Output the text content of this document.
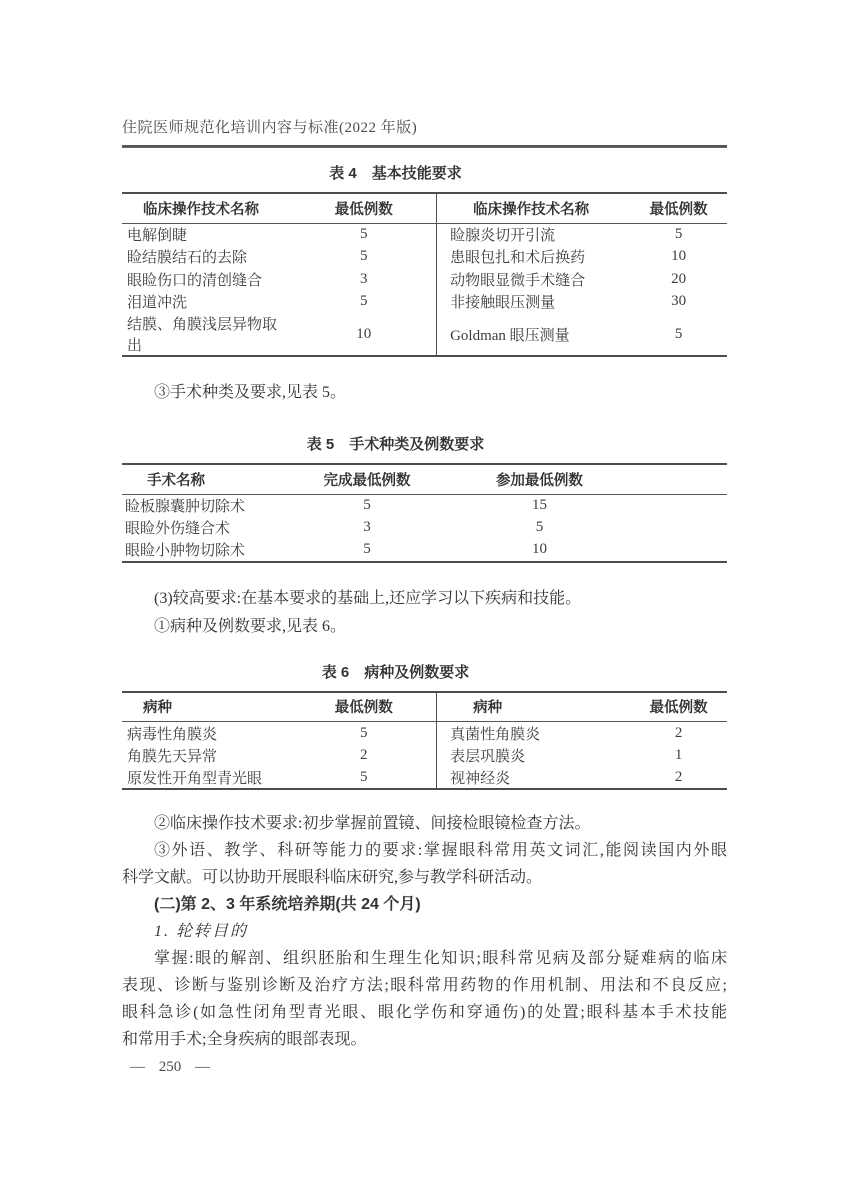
住院医师规范化培训内容与标准(2022 年版)
表 4　基本技能要求
临床操作技术名称	最低例数	临床操作技术名称	最低例数
电解倒睫	5	睑腺炎切开引流	5
睑结膜结石的去除	5	患眼包扎和术后换药	10
眼睑伤口的清创缝合	3	动物眼显微手术缝合	20
泪道冲洗	5	非接触眼压测量	30
结膜、角膜浅层异物取出	10	Goldman 眼压测量	5
③手术种类及要求,见表 5。
表 5　手术种类及例数要求
手术名称	完成最低例数	参加最低例数	
睑板腺囊肿切除术	5	15	
眼睑外伤缝合术	3	5	
眼睑小肿物切除术	5	10	
(3)较高要求:在基本要求的基础上,还应学习以下疾病和技能。
①病种及例数要求,见表 6。
表 6　病种及例数要求
病种	最低例数	病种	最低例数
病毒性角膜炎	5	真菌性角膜炎	2
角膜先天异常	2	表层巩膜炎	1
原发性开角型青光眼	5	视神经炎	2
②临床操作技术要求:初步掌握前置镜、间接检眼镜检查方法。
③外语、教学、科研等能力的要求:掌握眼科常用英文词汇,能阅读国内外眼
科学文献。可以协助开展眼科临床研究,参与教学科研活动。
(二)第 2、3 年系统培养期(共 24 个月)
1. 轮转目的
掌握:眼的解剖、组织胚胎和生理生化知识;眼科常见病及部分疑难病的临床
表现、诊断与鉴别诊断及治疗方法;眼科常用药物的作用机制、用法和不良反应;
眼科急诊(如急性闭角型青光眼、眼化学伤和穿通伤)的处置;眼科基本手术技能
和常用手术;全身疾病的眼部表现。
— 250 —
